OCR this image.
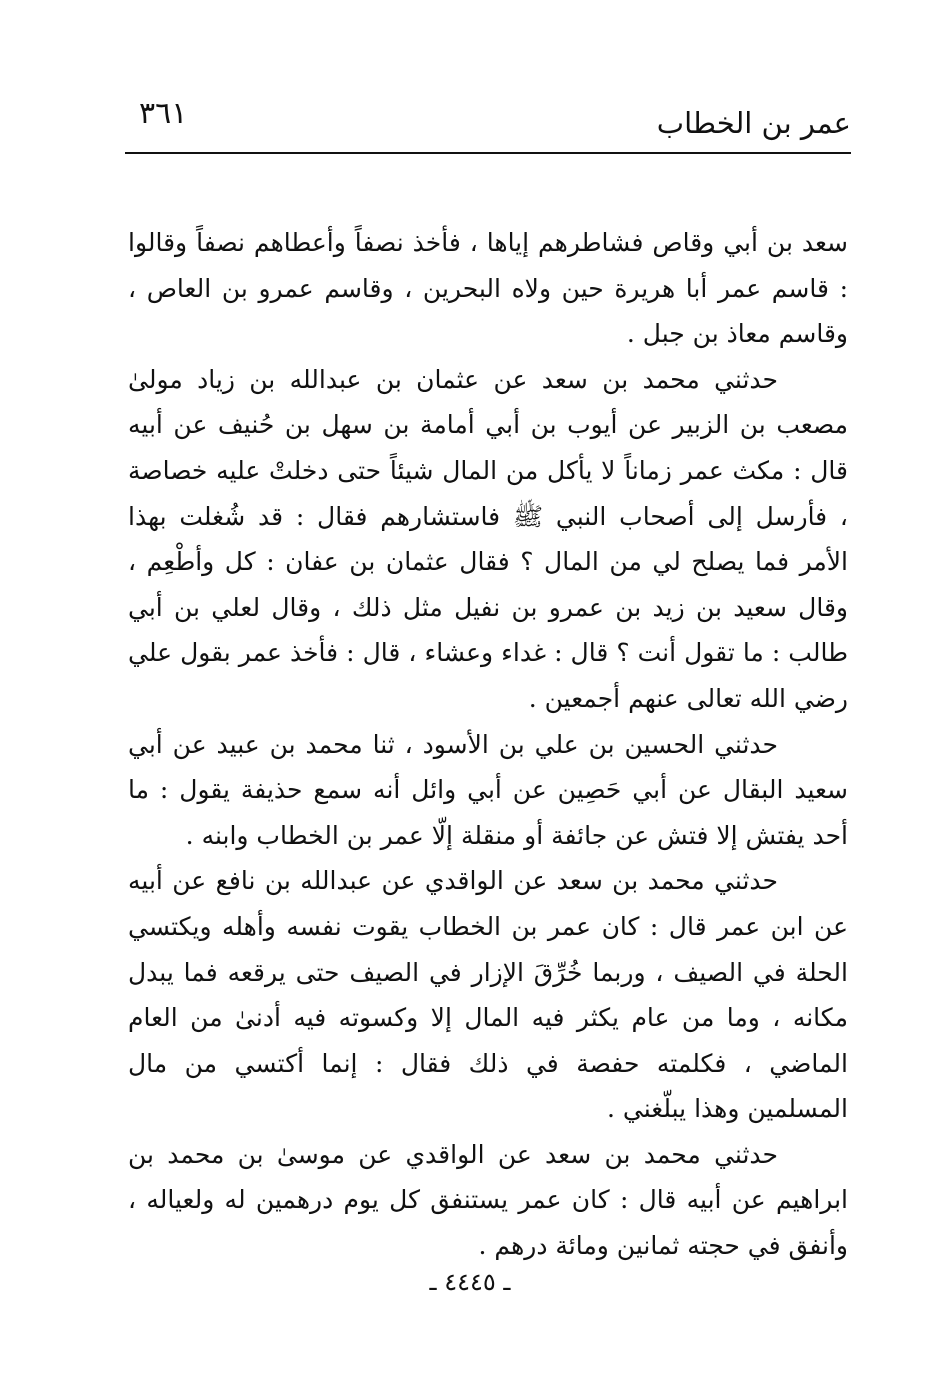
٣٦١	عمر بن الخطاب

سعد بن أبي وقاص فشاطرهم إياها ، فأخذ نصفاً وأعطاهم نصفاً وقالوا : قاسم عمر أبا هريرة حين ولاه البحرين ، وقاسم عمرو بن العاص ، وقاسم معاذ بن جبل .

حدثني محمد بن سعد عن عثمان بن عبدالله بن زياد مولىٰ مصعب بن الزبير عن أيوب بن أبي أمامة بن سهل بن حُنيف عن أبيه قال : مكث عمر زماناً لا يأكل من المال شيئاً حتى دخلتْ عليه خصاصة ، فأرسل إلى أصحاب النبي ﷺ فاستشارهم فقال : قد شُغلت بهذا الأمر فما يصلح لي من المال ؟ فقال عثمان بن عفان : كل وأطْعِم ، وقال سعيد بن زيد بن عمرو بن نفيل مثل ذلك ، وقال لعلي بن أبي طالب : ما تقول أنت ؟ قال : غداء وعشاء ، قال : فأخذ عمر بقول علي رضي الله تعالى عنهم أجمعين .

حدثني الحسين بن علي بن الأسود ، ثنا محمد بن عبيد عن أبي سعيد البقال عن أبي حَصِين عن أبي وائل أنه سمع حذيفة يقول : ما أحد يفتش إلا فتش عن جائفة أو منقلة إلّا عمر بن الخطاب وابنه .

حدثني محمد بن سعد عن الواقدي عن عبدالله بن نافع عن أبيه عن ابن عمر قال : كان عمر بن الخطاب يقوت نفسه وأهله ويكتسي الحلة في الصيف ، وربما خُرِّقَ الإزار في الصيف حتى يرقعه فما يبدل مكانه ، وما من عام يكثر فيه المال إلا وكسوته فيه أدنىٰ من العام الماضي ، فكلمته حفصة في ذلك فقال : إنما أكتسي من مال المسلمين وهذا يبلّغني .

حدثني محمد بن سعد عن الواقدي عن موسىٰ بن محمد بن ابراهيم عن أبيه قال : كان عمر يستنفق كل يوم درهمين له ولعياله ، وأنفق في حجته ثمانين ومائة درهم .

ـ ٤٤٤٥ ـ
